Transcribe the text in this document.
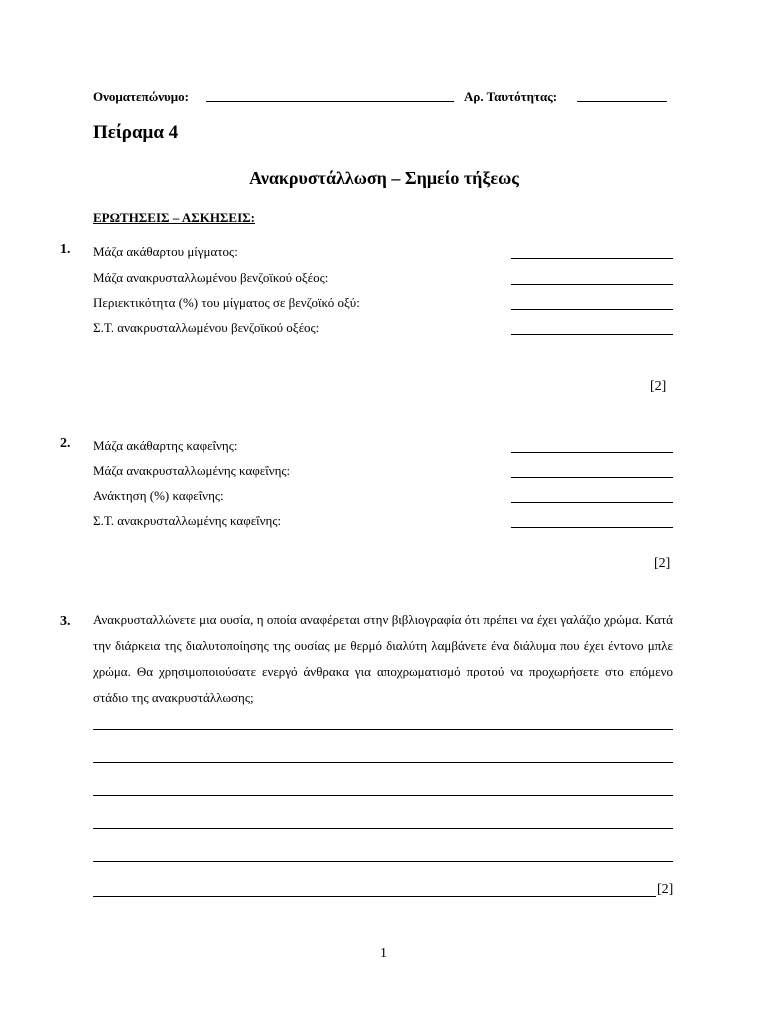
Ονοματεπώνυμο:	Αρ. Ταυτότητας:
Πείραμα 4
Ανακρυστάλλωση – Σημείο τήξεως
ΕΡΩΤΗΣΕΙΣ – ΑΣΚΗΣΕΙΣ:
1. Μάζα ακάθαρτου μίγματος:
Μάζα ανακρυσταλλωμένου βενζοϊκού οξέος:
Περιεκτικότητα (%) του μίγματος σε βενζοϊκό οξύ:
Σ.Τ. ανακρυσταλλωμένου βενζοϊκού οξέος:
[2]
2. Μάζα ακάθαρτης καφεΐνης:
Μάζα ανακρυσταλλωμένης καφεΐνης:
Ανάκτηση (%) καφεΐνης:
Σ.Τ. ανακρυσταλλωμένης καφεΐνης:
[2]
3. Ανακρυσταλλώνετε μια ουσία, η οποία αναφέρεται στην βιβλιογραφία ότι πρέπει να έχει γαλάζιο χρώμα. Κατά την διάρκεια της διαλυτοποίησης της ουσίας με θερμό διαλύτη λαμβάνετε ένα διάλυμα που έχει έντονο μπλε χρώμα. Θα χρησιμοποιούσατε ενεργό άνθρακα για αποχρωματισμό προτού να προχωρήσετε στο επόμενο στάδιο της ανακρυστάλλωσης;
[2]
1
